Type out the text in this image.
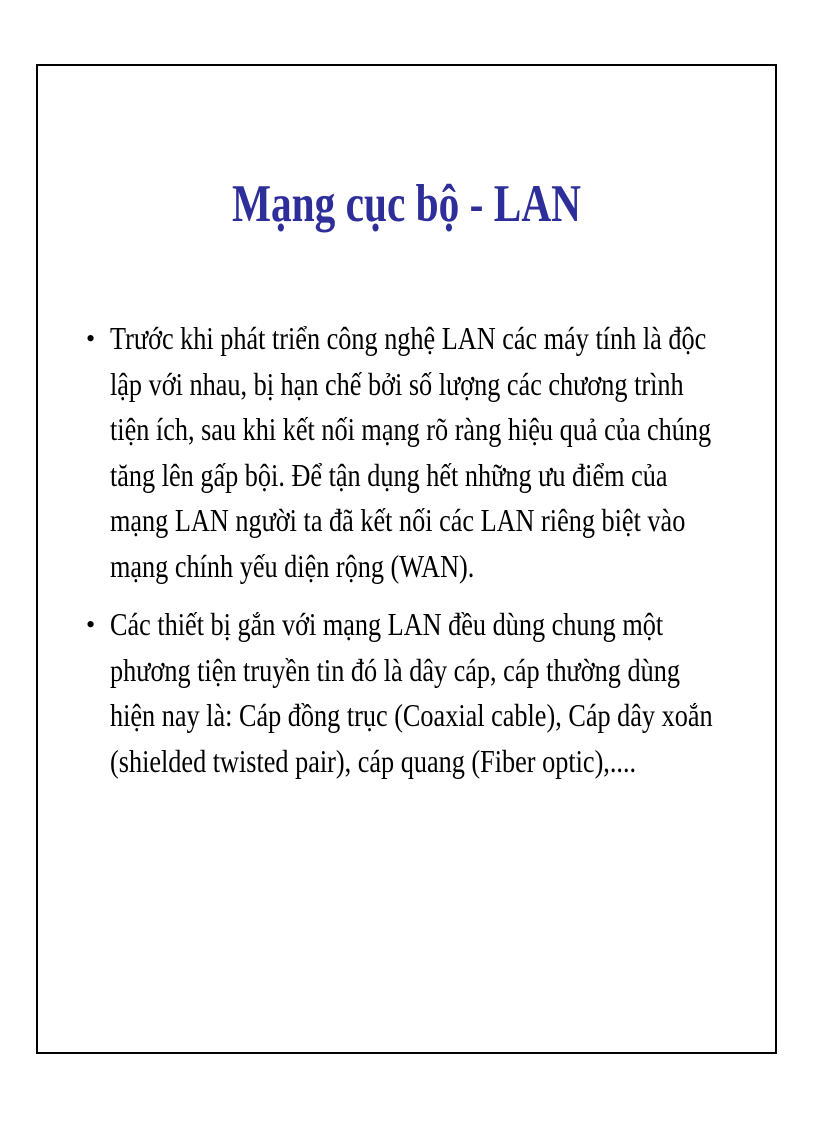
Mạng cục bộ - LAN
• Trước khi phát triển công nghệ LAN các máy tính là độc
lập với nhau, bị hạn chế bởi số lượng các chương trình
tiện ích, sau khi kết nối mạng rõ ràng hiệu quả của chúng
tăng lên gấp bội. Để tận dụng hết những ưu điểm của
mạng LAN người ta đã kết nối các LAN riêng biệt vào
mạng chính yếu diện rộng (WAN).
• Các thiết bị gắn với mạng LAN đều dùng chung một
phương tiện truyền tin đó là dây cáp, cáp thường dùng
hiện nay là: Cáp đồng trục (Coaxial cable), Cáp dây xoắn
(shielded twisted pair), cáp quang (Fiber optic),....
